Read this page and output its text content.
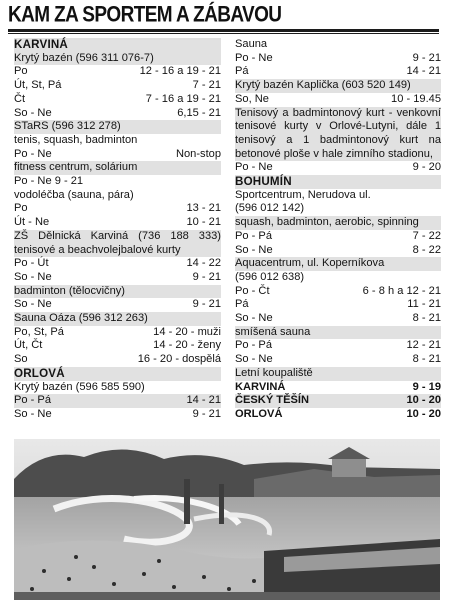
KAM ZA SPORTEM A ZÁBAVOU
KARVINÁ
Krytý bazén (596 311 076-7)
Po	12 - 16 a 19 - 21
Út, St, Pá	7 - 21
Čt	7 - 16 a 19 - 21
So - Ne	6,15 - 21
STaRS (596 312 278)
tenis, squash, badminton
Po - Ne	Non-stop
fitness centrum, solárium
Po - Ne 9 - 21
vodoléčba (sauna, pára)
Po	13 - 21
Út - Ne	10 - 21
ZŠ Dělnická Karviná (736 188 333) tenisové a beachvolejbalové kurty
Po - Út	14 - 22
So - Ne	9 - 21
badminton (tělocvičny)
So - Ne	9 - 21
Sauna Oáza (596 312 263)
Po, St, Pá	14 - 20 - muži
Út, Čt	14 - 20 - ženy
So	16 - 20 - dospělá
ORLOVÁ
Krytý bazén (596 585 590)
Po - Pá	14 - 21
So - Ne	9 - 21
Sauna
Po - Ne	9 - 21
Pá	14 - 21
Krytý bazén Kaplička (603 520 149)
So, Ne	10 - 19.45
Tenisový a badmintonový kurt - venkovní tenisové kurty v Orlové-Lutyni, dále 1 tenisový a 1 badmintonový kurt na betonové ploše v hale zimního stadionu,
Po - Ne	9 - 20
BOHUMÍN
Sportcentrum, Nerudova ul.
(596 012 142)
squash, badminton, aerobic, spinning
Po - Pá	7 - 22
So - Ne	8 - 22
Aquacentrum, ul. Koperníkova
(596 012 638)
Po - Čt	6 - 8 h a 12 - 21
Pá	11 - 21
So - Ne	8 - 21
smíšená sauna
Po - Pá	12 - 21
So - Ne	8 - 21
Letní koupaliště
KARVINÁ	9 - 19
ČESKÝ TĚŠÍN	10 - 20
ORLOVÁ	10 - 20
